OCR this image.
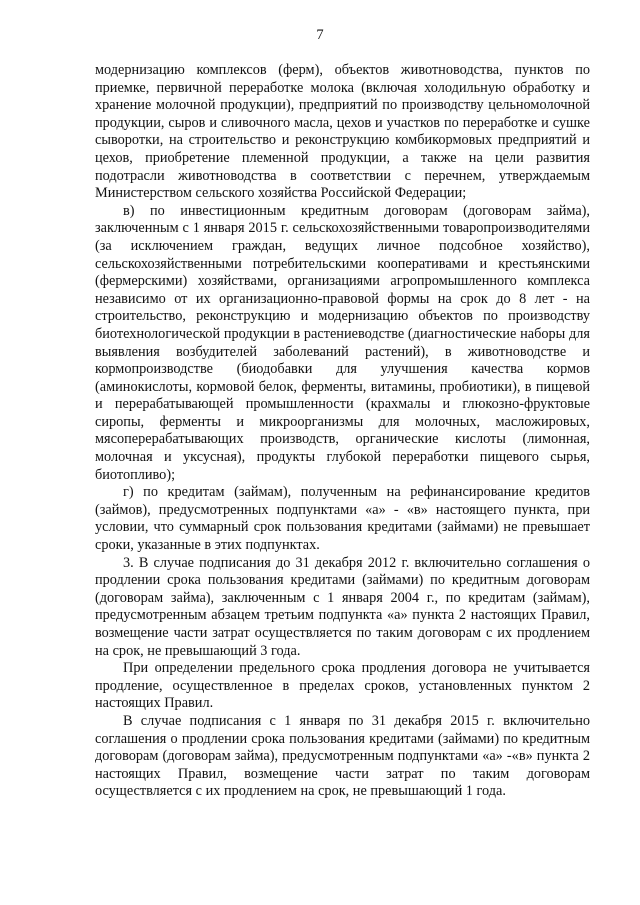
7

модернизацию комплексов (ферм), объектов животноводства, пунктов по приемке, первичной переработке молока (включая холодильную обработку и хранение молочной продукции), предприятий по производству цельномолочной продукции, сыров и сливочного масла, цехов и участков по переработке и сушке сыворотки, на строительство и реконструкцию комбикормовых предприятий и цехов, приобретение племенной продукции, а также на цели развития подотрасли животноводства в соответствии с перечнем, утверждаемым Министерством сельского хозяйства Российской Федерации;

в) по инвестиционным кредитным договорам (договорам займа), заключенным с 1 января 2015 г. сельскохозяйственными товаропроизводителями (за исключением граждан, ведущих личное подсобное хозяйство), сельскохозяйственными потребительскими кооперативами и крестьянскими (фермерскими) хозяйствами, организациями агропромышленного комплекса независимо от их организационно-правовой формы на срок до 8 лет - на строительство, реконструкцию и модернизацию объектов по производству биотехнологической продукции в растениеводстве (диагностические наборы для выявления возбудителей заболеваний растений), в животноводстве и кормопроизводстве (биодобавки для улучшения качества кормов (аминокислоты, кормовой белок, ферменты, витамины, пробиотики), в пищевой и перерабатывающей промышленности (крахмалы и глюкозно-фруктовые сиропы, ферменты и микроорганизмы для молочных, масложировых, мясоперерабатывающих производств, органические кислоты (лимонная, молочная и уксусная), продукты глубокой переработки пищевого сырья, биотопливо);

г) по кредитам (займам), полученным на рефинансирование кредитов (займов), предусмотренных подпунктами «а» - «в» настоящего пункта, при условии, что суммарный срок пользования кредитами (займами) не превышает сроки, указанные в этих подпунктах.

3. В случае подписания до 31 декабря 2012 г. включительно соглашения о продлении срока пользования кредитами (займами) по кредитным договорам (договорам займа), заключенным с 1 января 2004 г., по кредитам (займам), предусмотренным абзацем третьим подпункта «а» пункта 2 настоящих Правил, возмещение части затрат осуществляется по таким договорам с их продлением на срок, не превышающий 3 года.

При определении предельного срока продления договора не учитывается продление, осуществленное в пределах сроков, установленных пунктом 2 настоящих Правил.

В случае подписания с 1 января по 31 декабря 2015 г. включительно соглашения о продлении срока пользования кредитами (займами) по кредитным договорам (договорам займа), предусмотренным подпунктами «а» -«в» пункта 2 настоящих Правил, возмещение части затрат по таким договорам осуществляется с их продлением на срок, не превышающий 1 года.
